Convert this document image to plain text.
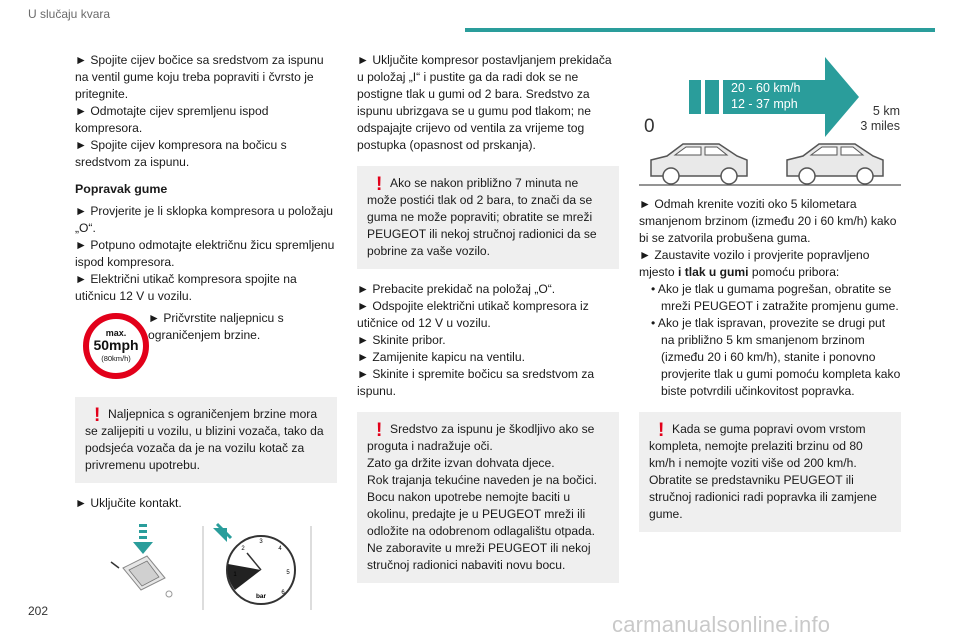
U slučaju kvara

► Spojite cijev bočice sa sredstvom za ispunu na ventil gume koju treba popraviti i čvrsto je pritegnite.

► Odmotajte cijev spremljenu ispod kompresora.

► Spojite cijev kompresora na bočicu s sredstvom za ispunu.

Popravak gume

► Provjerite je li sklopka kompresora u položaju „O“.

► Potpuno odmotajte električnu žicu spremljenu ispod kompresora.

► Električni utikač kompresora spojite na utičnicu 12 V u vozilu.

max.
50mph
(80km/h)

► Pričvrstite naljepnicu s ograničenjem brzine.

! Naljepnica s ograničenjem brzine mora se zalijepiti u vozilu, u blizini vozača, tako da podsjeća vozača da je na vozilu kotač za privremenu upotrebu.

► Uključite kontakt.

1
2
3
4
5
6
bar

► Uključite kompresor postavljanjem prekidača u položaj „I“ i pustite ga da radi dok se ne postigne tlak u gumi od 2 bara. Sredstvo za ispunu ubrizgava se u gumu pod tlakom; ne odspajajte crijevo od ventila za vrijeme tog postupka (opasnost od prskanja).

! Ako se nakon približno 7 minuta ne može postići tlak od 2 bara, to znači da se guma ne može popraviti; obratite se mreži PEUGEOT ili nekoj stručnoj radionici da se pobrine za vaše vozilo.

► Prebacite prekidač na položaj „O“.

► Odspojite električni utikač kompresora iz utičnice od 12 V u vozilu.

► Skinite pribor.

► Zamijenite kapicu na ventilu.

► Skinite i spremite bočicu sa sredstvom za ispunu.

! Sredstvo za ispunu je škodljivo ako se proguta i nadražuje oči.

Zato ga držite izvan dohvata djece.

Rok trajanja tekućine naveden je na bočici.

Bocu nakon upotrebe nemojte baciti u okolinu, predajte je u PEUGEOT mreži ili odložite na odobrenom odlagalištu otpada.

Ne zaboravite u mreži PEUGEOT ili nekoj stručnoj radionici nabaviti novu bocu.

20 - 60 km/h
12 - 37 mph
0
5 km
3 miles

► Odmah krenite voziti oko 5 kilometara smanjenom brzinom (između 20 i 60 km/h) kako bi se zatvorila probušena guma.

► Zaustavite vozilo i provjerite popravljeno mjesto i tlak u gumi pomoću pribora:

• Ako je tlak u gumama pogrešan, obratite se mreži PEUGEOT i zatražite promjenu gume.

• Ako je tlak ispravan, provezite se drugi put na približno 5 km smanjenom brzinom (između 20 i 60 km/h), stanite i ponovno provjerite tlak u gumi pomoću kompleta kako biste potvrdili učinkovitost popravka.

! Kada se guma popravi ovom vrstom kompleta, nemojte prelaziti brzinu od 80 km/h i nemojte voziti više od 200 km/h. Obratite se predstavniku PEUGEOT ili stručnoj radionici radi popravka ili zamjene gume.

202
carmanualsonline.info
